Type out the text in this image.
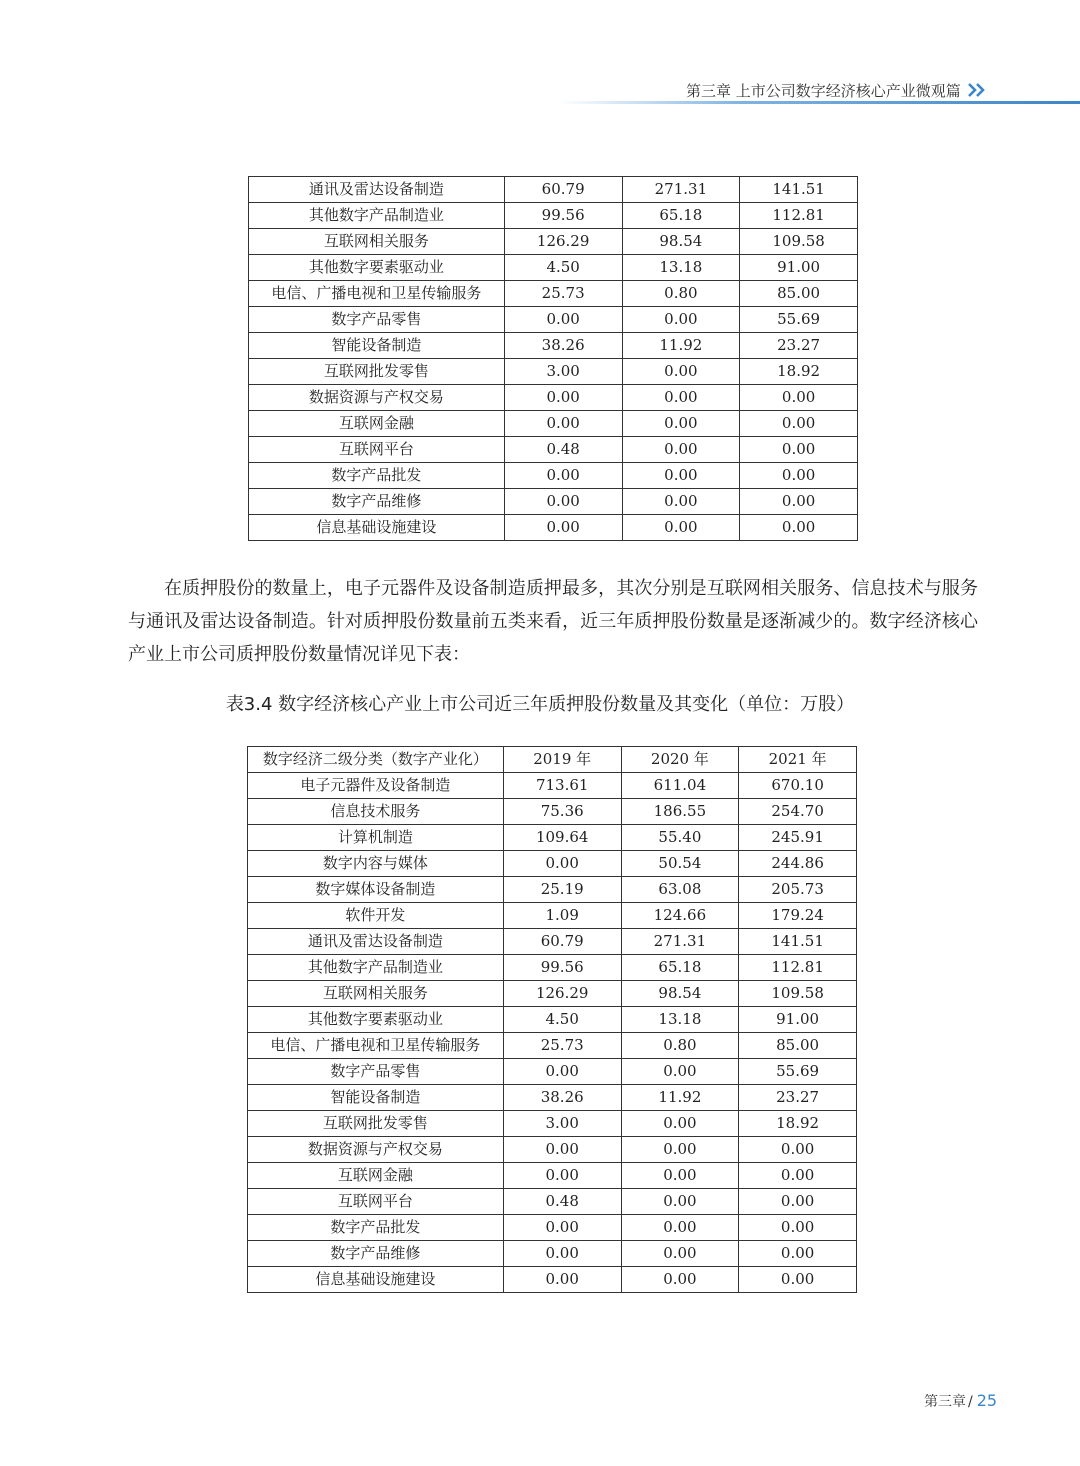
第三章 上市公司数字经济核心产业微观篇
通讯及雷达设备制造	60.79	271.31	141.51
其他数字产品制造业	99.56	65.18	112.81
互联网相关服务	126.29	98.54	109.58
其他数字要素驱动业	4.50	13.18	91.00
电信、广播电视和卫星传输服务	25.73	0.80	85.00
数字产品零售	0.00	0.00	55.69
智能设备制造	38.26	11.92	23.27
互联网批发零售	3.00	0.00	18.92
数据资源与产权交易	0.00	0.00	0.00
互联网金融	0.00	0.00	0.00
互联网平台	0.48	0.00	0.00
数字产品批发	0.00	0.00	0.00
数字产品维修	0.00	0.00	0.00
信息基础设施建设	0.00	0.00	0.00

在质押股份的数量上，电子元器件及设备制造质押最多，其次分别是互联网相关服务、信息技术与服务与通讯及雷达设备制造。针对质押股份数量前五类来看，近三年质押股份数量是逐渐减少的。数字经济核心产业上市公司质押股份数量情况详见下表：

表3.4 数字经济核心产业上市公司近三年质押股份数量及其变化（单位：万股）
数字经济二级分类（数字产业化）	2019 年	2020 年	2021 年
电子元器件及设备制造	713.61	611.04	670.10
信息技术服务	75.36	186.55	254.70
计算机制造	109.64	55.40	245.91
数字内容与媒体	0.00	50.54	244.86
数字媒体设备制造	25.19	63.08	205.73
软件开发	1.09	124.66	179.24
通讯及雷达设备制造	60.79	271.31	141.51
其他数字产品制造业	99.56	65.18	112.81
互联网相关服务	126.29	98.54	109.58
其他数字要素驱动业	4.50	13.18	91.00
电信、广播电视和卫星传输服务	25.73	0.80	85.00
数字产品零售	0.00	0.00	55.69
智能设备制造	38.26	11.92	23.27
互联网批发零售	3.00	0.00	18.92
数据资源与产权交易	0.00	0.00	0.00
互联网金融	0.00	0.00	0.00
互联网平台	0.48	0.00	0.00
数字产品批发	0.00	0.00	0.00
数字产品维修	0.00	0.00	0.00
信息基础设施建设	0.00	0.00	0.00
第三章 / 25
